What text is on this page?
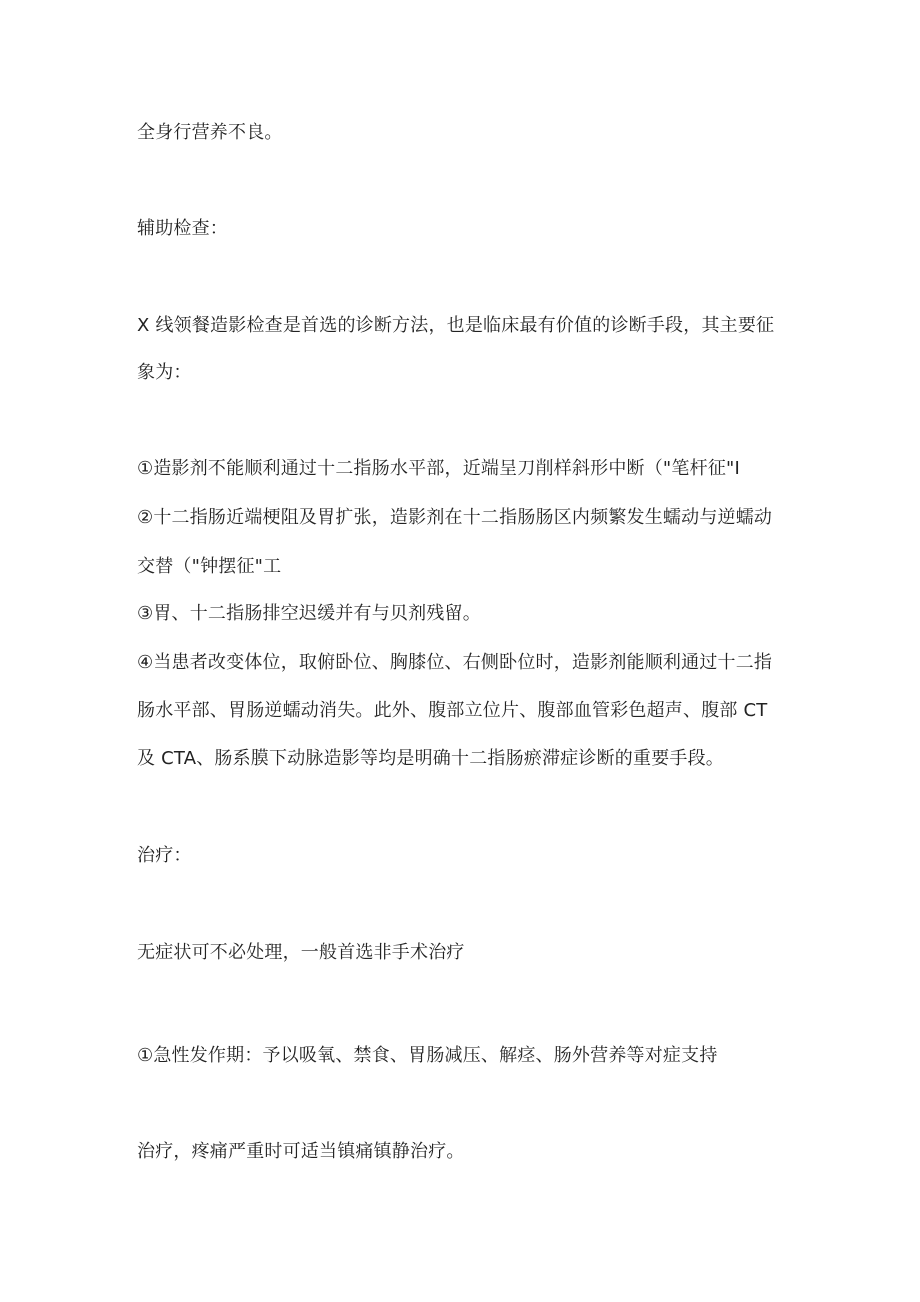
全身行营养不良。
辅助检查：
X 线领餐造影检查是首选的诊断方法，也是临床最有价值的诊断手段，其主要征
象为：
①造影剂不能顺利通过十二指肠水平部，近端呈刀削样斜形中断（"笔杆征"I
②十二指肠近端梗阻及胃扩张，造影剂在十二指肠肠区内频繁发生蠕动与逆蠕动
交替（"钟摆征"工
③胃、十二指肠排空迟缓并有与贝剂残留。
④当患者改变体位，取俯卧位、胸膝位、右侧卧位时，造影剂能顺利通过十二指
肠水平部、胃肠逆蠕动消失。此外、腹部立位片、腹部血管彩色超声、腹部 CT
及 CTA、肠系膜下动脉造影等均是明确十二指肠瘀滞症诊断的重要手段。
治疗：
无症状可不必处理，一般首选非手术治疗
①急性发作期：予以吸氧、禁食、胃肠减压、解痉、肠外营养等对症支持
治疗，疼痛严重时可适当镇痛镇静治疗。
